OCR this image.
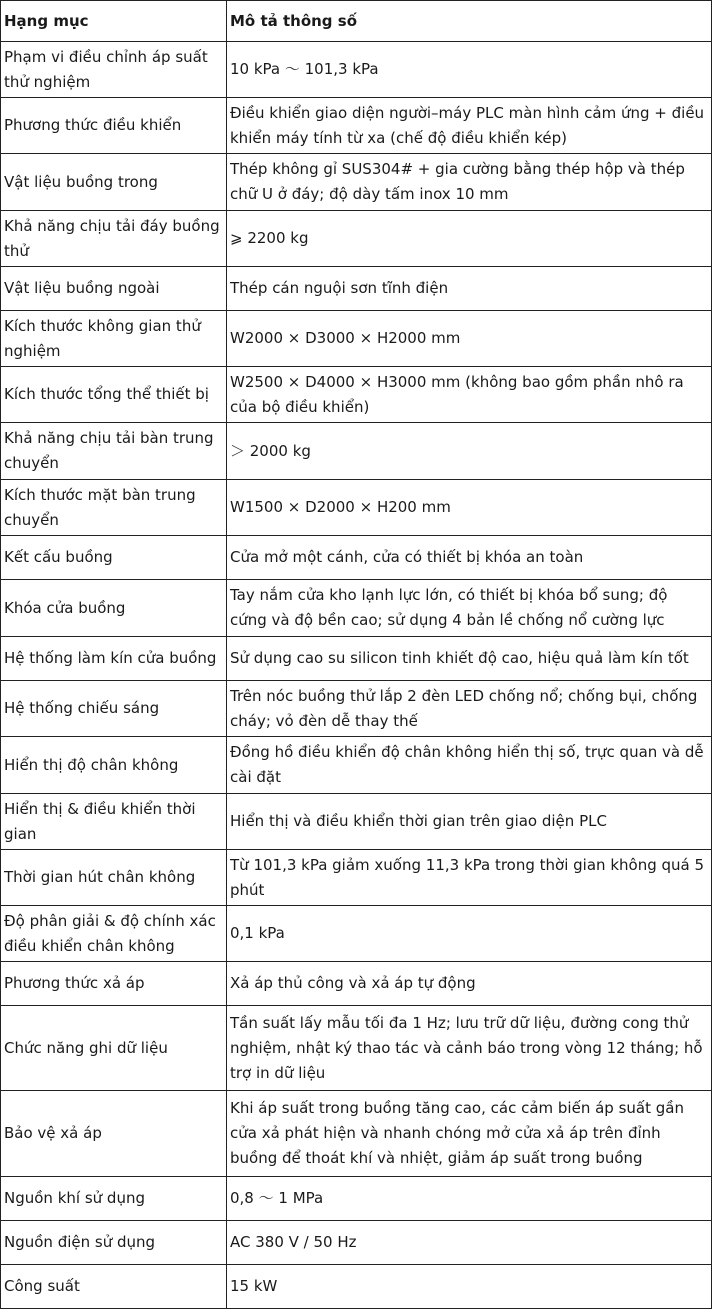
Hạng mục	Mô tả thông số
Phạm vi điều chỉnh áp suất thử nghiệm	10 kPa ～ 101,3 kPa
Phương thức điều khiển	Điều khiển giao diện người–máy PLC màn hình cảm ứng + điều khiển máy tính từ xa (chế độ điều khiển kép)
Vật liệu buồng trong	Thép không gỉ SUS304# + gia cường bằng thép hộp và thép chữ U ở đáy; độ dày tấm inox 10 mm
Khả năng chịu tải đáy buồng thử	⩾ 2200 kg
Vật liệu buồng ngoài	Thép cán nguội sơn tĩnh điện
Kích thước không gian thử nghiệm	W2000 × D3000 × H2000 mm
Kích thước tổng thể thiết bị	W2500 × D4000 × H3000 mm (không bao gồm phần nhô ra của bộ điều khiển)
Khả năng chịu tải bàn trung chuyển	＞ 2000 kg
Kích thước mặt bàn trung chuyển	W1500 × D2000 × H200 mm
Kết cấu buồng	Cửa mở một cánh, cửa có thiết bị khóa an toàn
Khóa cửa buồng	Tay nắm cửa kho lạnh lực lớn, có thiết bị khóa bổ sung; độ cứng và độ bền cao; sử dụng 4 bản lề chống nổ cường lực
Hệ thống làm kín cửa buồng	Sử dụng cao su silicon tinh khiết độ cao, hiệu quả làm kín tốt
Hệ thống chiếu sáng	Trên nóc buồng thử lắp 2 đèn LED chống nổ; chống bụi, chống cháy; vỏ đèn dễ thay thế
Hiển thị độ chân không	Đồng hồ điều khiển độ chân không hiển thị số, trực quan và dễ cài đặt
Hiển thị & điều khiển thời gian	Hiển thị và điều khiển thời gian trên giao diện PLC
Thời gian hút chân không	Từ 101,3 kPa giảm xuống 11,3 kPa trong thời gian không quá 5 phút
Độ phân giải & độ chính xác điều khiển chân không	0,1 kPa
Phương thức xả áp	Xả áp thủ công và xả áp tự động
Chức năng ghi dữ liệu	Tần suất lấy mẫu tối đa 1 Hz; lưu trữ dữ liệu, đường cong thử nghiệm, nhật ký thao tác và cảnh báo trong vòng 12 tháng; hỗ trợ in dữ liệu
Bảo vệ xả áp	Khi áp suất trong buồng tăng cao, các cảm biến áp suất gần cửa xả phát hiện và nhanh chóng mở cửa xả áp trên đỉnh buồng để thoát khí và nhiệt, giảm áp suất trong buồng
Nguồn khí sử dụng	0,8 ～ 1 MPa
Nguồn điện sử dụng	AC 380 V / 50 Hz
Công suất	15 kW
